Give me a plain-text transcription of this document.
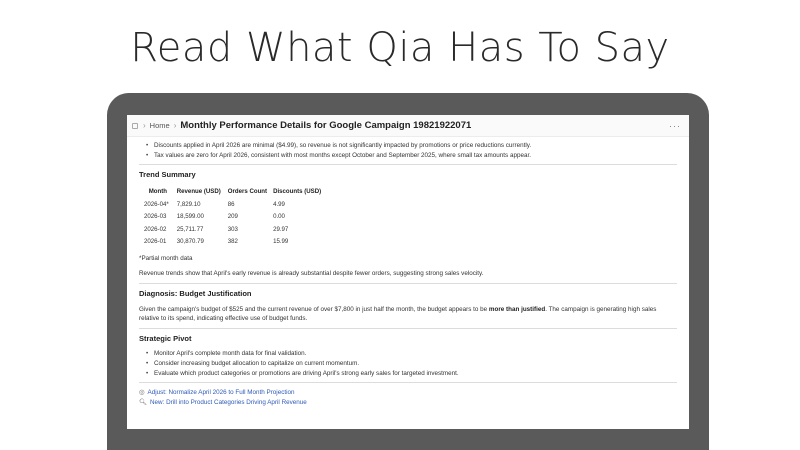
Read What Qia Has To Say
› Home › Monthly Performance Details for Google Campaign 19821922071	···
• Discounts applied in April 2026 are minimal ($4.99), so revenue is not significantly impacted by promotions or price reductions currently.
• Tax values are zero for April 2026, consistent with most months except October and September 2025, where small tax amounts appear.
Trend Summary
Month	Revenue (USD)	Orders Count	Discounts (USD)
2026-04*	7,829.10	86	4.99
2026-03	18,599.00	209	0.00
2026-02	25,711.77	303	29.97
2026-01	30,870.79	382	15.99

*Partial month data

Revenue trends show that April's early revenue is already substantial despite fewer orders, suggesting strong sales velocity.

Diagnosis: Budget Justification

Given the campaign's budget of $525 and the current revenue of over $7,800 in just half the month, the budget appears to be more than justified. The campaign is generating high sales relative to its spend, indicating effective use of budget funds.

Strategic Pivot
• Monitor April's complete month data for final validation.
• Consider increasing budget allocation to capitalize on current momentum.
• Evaluate which product categories or promotions are driving April's strong early sales for targeted investment.
◎ Adjust: Normalize April 2026 to Full Month Projection
🔍︎ New: Drill into Product Categories Driving April Revenue
